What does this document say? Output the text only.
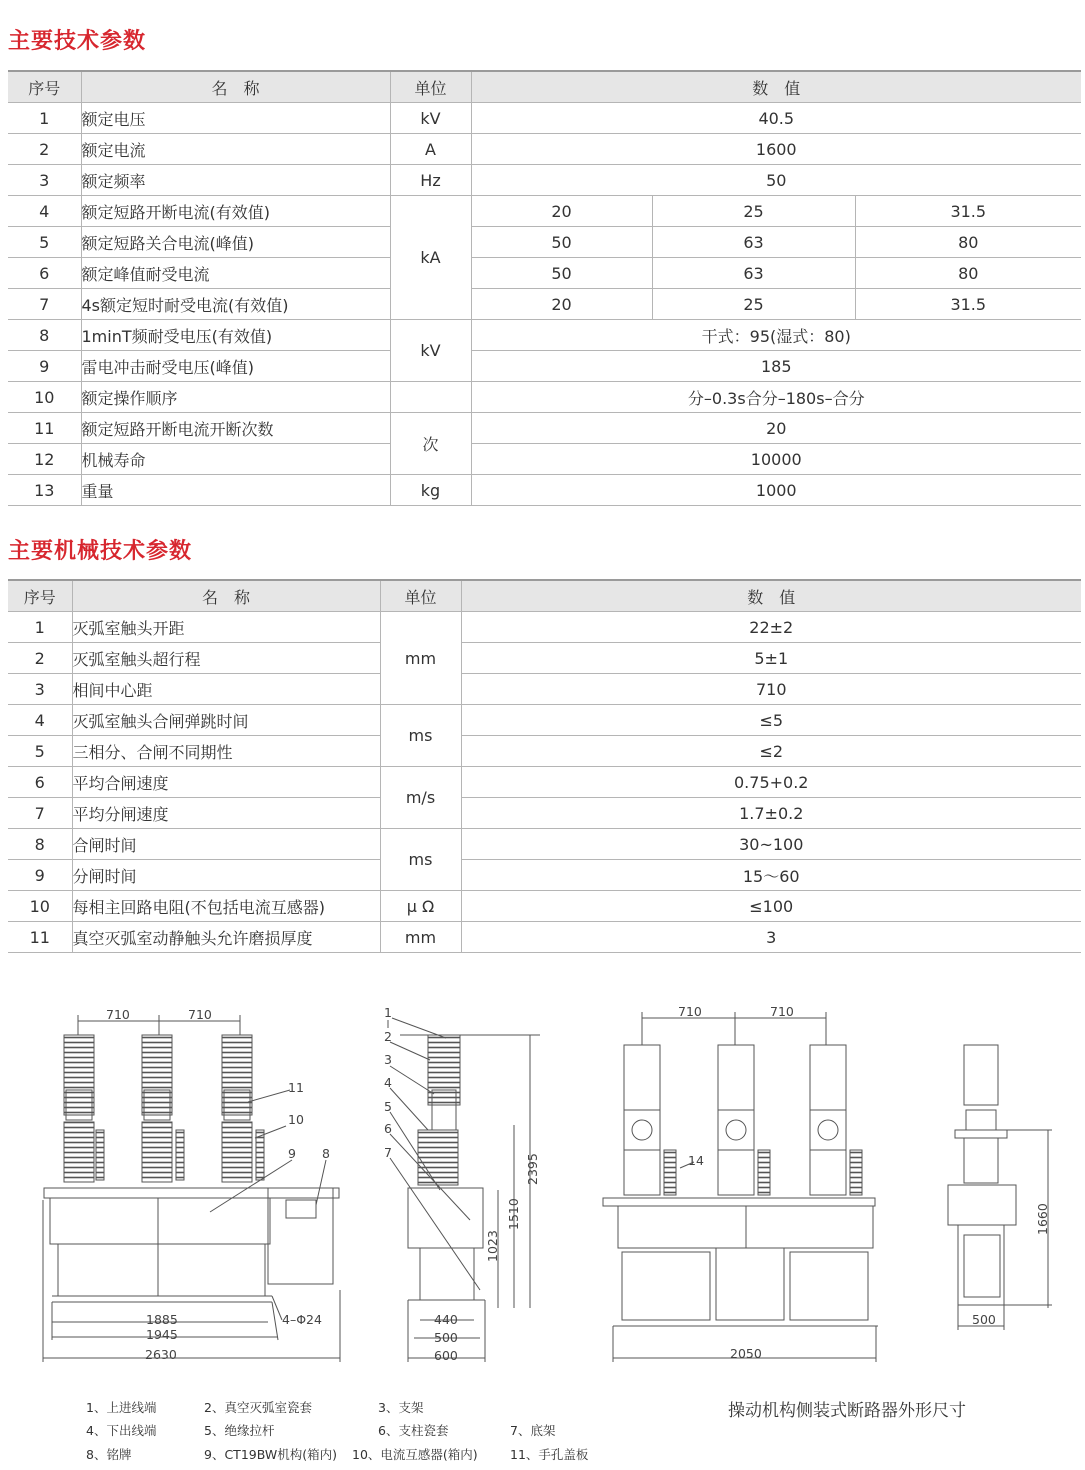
主要技术参数
序号	名　称	单位	数　值		
1	额定电压	kV	40.5		
2	额定电流	A	1600		
3	额定频率	Hz	50		
4	额定短路开断电流(有效值)	kA	20	25	31.5
5	额定短路关合电流(峰值)		50	63	80
6	额定峰值耐受电流		50	63	80
7	4s额定短时耐受电流(有效值)		20	25	31.5
8	1minT频耐受电压(有效值)	kV	干式：95(湿式：80)		
9	雷电冲击耐受电压(峰值)		185		
10	额定操作顺序		分–0.3s合分–180s–合分		
11	额定短路开断电流开断次数	次	20		
12	机械寿命		10000		
13	重量	kg	1000		
主要机械技术参数
序号	名　称	单位	数　值
1	灭弧室触头开距	mm	22±2
2	灭弧室触头超行程		5±1
3	相间中心距		710
4	灭弧室触头合闸弹跳时间	ms	≤5
5	三相分、合闸不同期性		≤2
6	平均合闸速度	m/s	0.75+0.2
7	平均分闸速度		1.7±0.2
8	合闸时间	ms	30~100
9	分闸时间		15～60
10	每相主回路电阻(不包括电流互感器)	μ Ω	≤100
11	真空灭弧室动静触头允许磨损厚度	mm	3
710	710
1885
1945
2630
4–Φ24
11
10
9 8
1
2
3
4
5
6
7
2395
1510
1023
440
500
600
710	710
14
2050
1660
500
1、上进线端	2、真空灭弧室瓷套	3、支架
4、下出线端	5、绝缘拉杆	6、支柱瓷套	7、底架
8、铭牌	9、CT19BW机构(箱内) 10、电流互感器(箱内)	11、手孔盖板
操动机构侧装式断路器外形尺寸
